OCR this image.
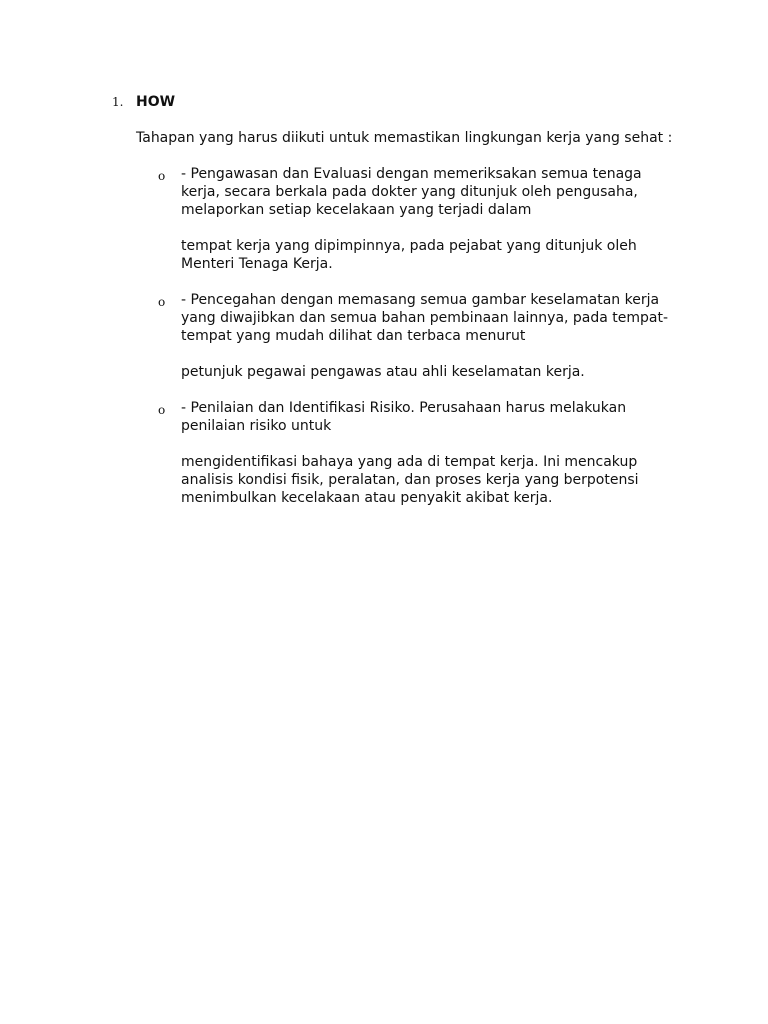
1. HOW

Tahapan yang harus diikuti untuk memastikan lingkungan kerja yang sehat :

o - Pengawasan dan Evaluasi dengan memeriksakan semua tenaga kerja, secara berkala pada dokter yang ditunjuk oleh pengusaha, melaporkan setiap kecelakaan yang terjadi dalam

tempat kerja yang dipimpinnya, pada pejabat yang ditunjuk oleh Menteri Tenaga Kerja.

o - Pencegahan dengan memasang semua gambar keselamatan kerja yang diwajibkan dan semua bahan pembinaan lainnya, pada tempat-tempat yang mudah dilihat dan terbaca menurut

petunjuk pegawai pengawas atau ahli keselamatan kerja.

o - Penilaian dan Identifikasi Risiko. Perusahaan harus melakukan penilaian risiko untuk

mengidentifikasi bahaya yang ada di tempat kerja. Ini mencakup analisis kondisi fisik, peralatan, dan proses kerja yang berpotensi menimbulkan kecelakaan atau penyakit akibat kerja.
